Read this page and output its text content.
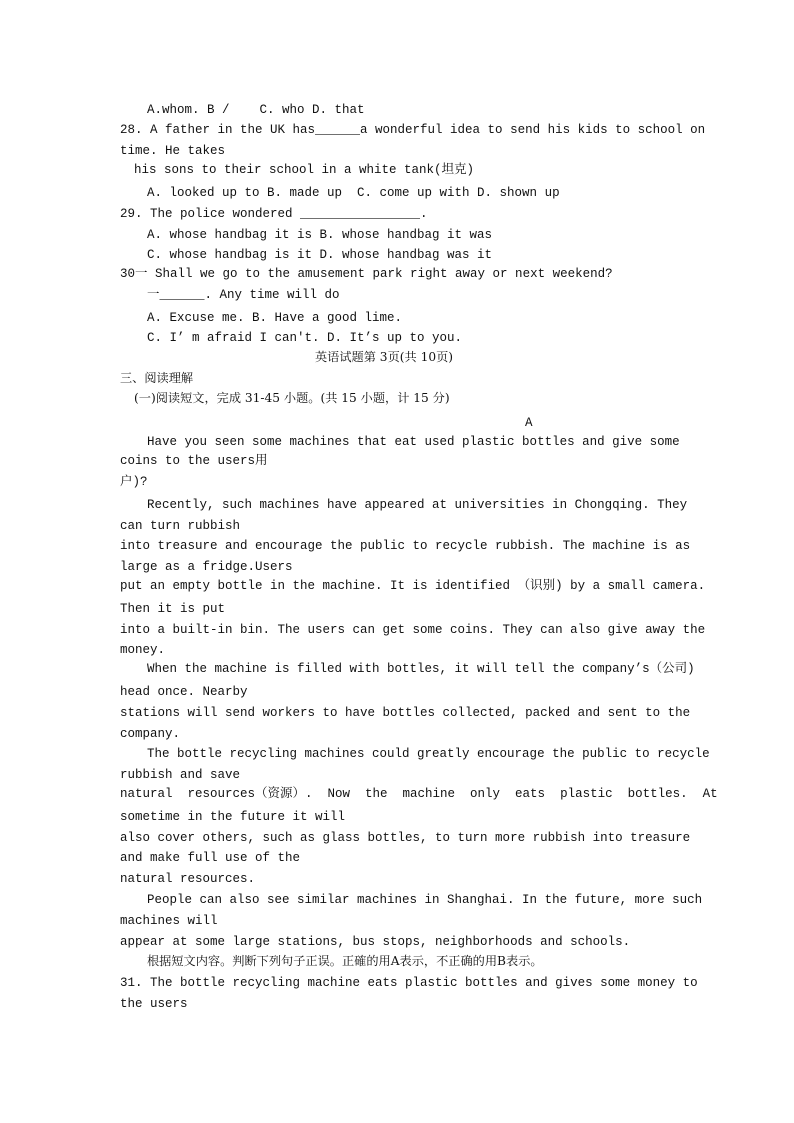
A.whom. B /    C. who D. that
28. A father in the UK has______a wonderful idea to send his kids to school on
time. He takes
his sons to their school in a white tank(坦克)
A. looked up to B. made up  C. come up with D. shown up
29. The police wondered ________________.
A. whose handbag it is B. whose handbag it was
C. whose handbag is it D. whose handbag was it
30一 Shall we go to the amusement park right away or next weekend?
一______. Any time will do
A. Excuse me. B. Have a good lime.
C. I’ m afraid I can't. D. It’s up to you.
英语试题第 3页(共 10页)
三、阅读理解
(一)阅读短文，完成 31-45 小题。(共 15 小题，计 15 分)
A
Have you seen some machines that eat used plastic bottles and give some
coins to the users用
户)?
Recently, such machines have appeared at universities in Chongqing. They
can turn rubbish
into treasure and encourage the public to recycle rubbish. The machine is as
large as a fridge.Users
put an empty bottle in the machine. It is identified （识别) by a small camera.
Then it is put
into a built-in bin. The users can get some coins. They can also give away the
money.
When the machine is filled with bottles, it will tell the company’s（公司)
head once. Nearby
stations will send workers to have bottles collected, packed and sent to the
company.
The bottle recycling machines could greatly encourage the public to recycle
rubbish and save
natural  resources（资源）.  Now  the  machine  only  eats  plastic  bottles.  At
sometime in the future it will
also cover others, such as glass bottles, to turn more rubbish into treasure
and make full use of the
natural resources.
People can also see similar machines in Shanghai. In the future, more such
machines will
appear at some large stations, bus stops, neighborhoods and schools.
根据短文内容。判断下列句子正误。正確的用A表示，不正确的用B表示。
31. The bottle recycling machine eats plastic bottles and gives some money to
the users
